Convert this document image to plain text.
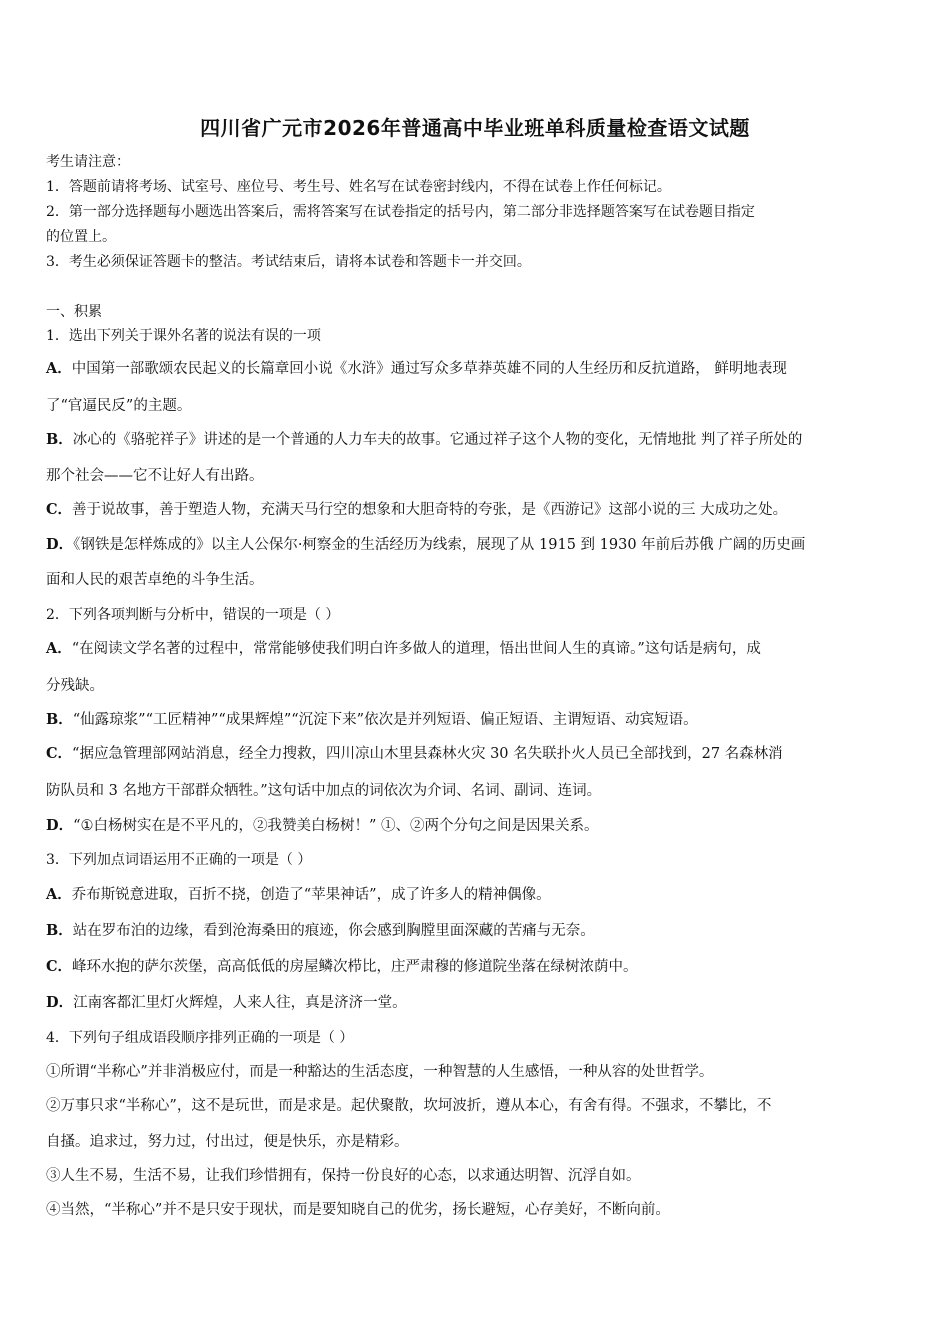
四川省广元市2026年普通高中毕业班单科质量检查语文试题
考生请注意：
1．答题前请将考场、试室号、座位号、考生号、姓名写在试卷密封线内，不得在试卷上作任何标记。
2．第一部分选择题每小题选出答案后，需将答案写在试卷指定的括号内，第二部分非选择题答案写在试卷题目指定
的位置上。
3．考生必须保证答题卡的整洁。考试结束后，请将本试卷和答题卡一并交回。
一、积累
1．选出下列关于课外名著的说法有误的一项
A．中国第一部歌颂农民起义的长篇章回小说《水浒》通过写众多草莽英雄不同的人生经历和反抗道路， 鲜明地表现
了“官逼民反”的主题。
B．冰心的《骆驼祥子》讲述的是一个普通的人力车夫的故事。它通过祥子这个人物的变化，无情地批 判了祥子所处的
那个社会——它不让好人有出路。
C．善于说故事，善于塑造人物，充满天马行空的想象和大胆奇特的夸张，是《西游记》这部小说的三 大成功之处。
D．《钢铁是怎样炼成的》以主人公保尔·柯察金的生活经历为线索，展现了从 1915 到 1930 年前后苏俄 广阔的历史画
面和人民的艰苦卓绝的斗争生活。
2．下列各项判断与分析中，错误的一项是（ ）
A．“在阅读文学名著的过程中，常常能够使我们明白许多做人的道理，悟出世间人生的真谛。”这句话是病句，成
分残缺。
B．“仙露琼浆”“工匠精神”“成果辉煌”“沉淀下来”依次是并列短语、偏正短语、主谓短语、动宾短语。
C．“据应急管理部网站消息，经全力搜救，四川凉山木里县森林火灾 30 名失联扑火人员已全部找到，27 名森林消
防队员和 3 名地方干部群众牺牲。”这句话中加点的词依次为介词、名词、副词、连词。
D．“①白杨树实在是不平凡的，②我赞美白杨树！” ①、②两个分句之间是因果关系。
3．下列加点词语运用不正确的一项是（ ）
A．乔布斯锐意进取，百折不挠，创造了“苹果神话”，成了许多人的精神偶像。
B．站在罗布泊的边缘，看到沧海桑田的痕迹，你会感到胸膛里面深藏的苦痛与无奈。
C．峰环水抱的萨尔茨堡，高高低低的房屋鳞次栉比，庄严肃穆的修道院坐落在绿树浓荫中。
D．江南客都汇里灯火辉煌，人来人往，真是济济一堂。
4．下列句子组成语段顺序排列正确的一项是（ ）
①所谓“半称心”并非消极应付，而是一种豁达的生活态度，一种智慧的人生感悟，一种从容的处世哲学。
②万事只求“半称心”，这不是玩世，而是求是。起伏聚散，坎坷波折，遵从本心，有舍有得。不强求，不攀比，不
自搔。追求过，努力过，付出过，便是快乐，亦是精彩。
③人生不易，生活不易，让我们珍惜拥有，保持一份良好的心态，以求通达明智、沉浮自如。
④当然，“半称心”并不是只安于现状，而是要知晓自己的优劣，扬长避短，心存美好，不断向前。
